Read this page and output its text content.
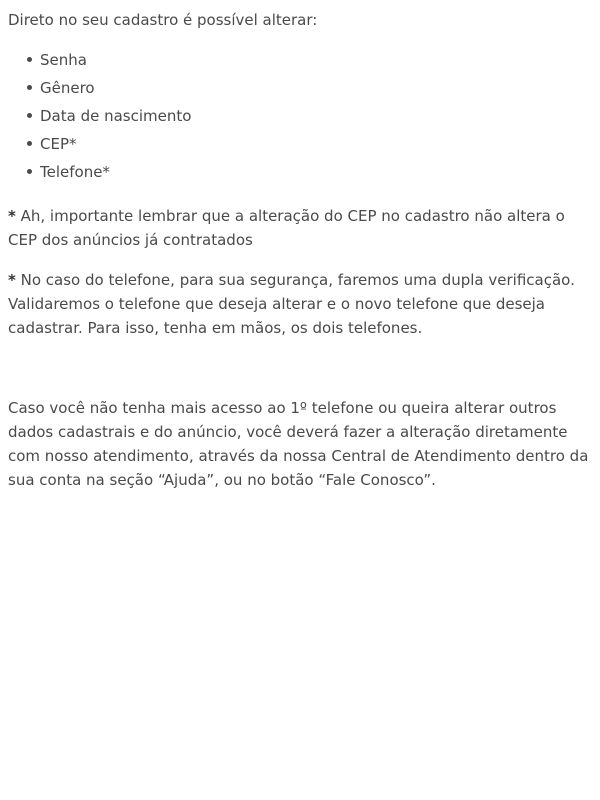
Direto no seu cadastro é possível alterar:

Senha
Gênero
Data de nascimento
CEP*
Telefone*

* Ah, importante lembrar que a alteração do CEP no cadastro não altera o CEP dos anúncios já contratados

* No caso do telefone, para sua segurança, faremos uma dupla verificação. Validaremos o telefone que deseja alterar e o novo telefone que deseja cadastrar. Para isso, tenha em mãos, os dois telefones.

Caso você não tenha mais acesso ao 1º telefone ou queira alterar outros dados cadastrais e do anúncio, você deverá fazer a alteração diretamente com nosso atendimento, através da nossa Central de Atendimento dentro da sua conta na seção “Ajuda”, ou no botão “Fale Conosco”.
